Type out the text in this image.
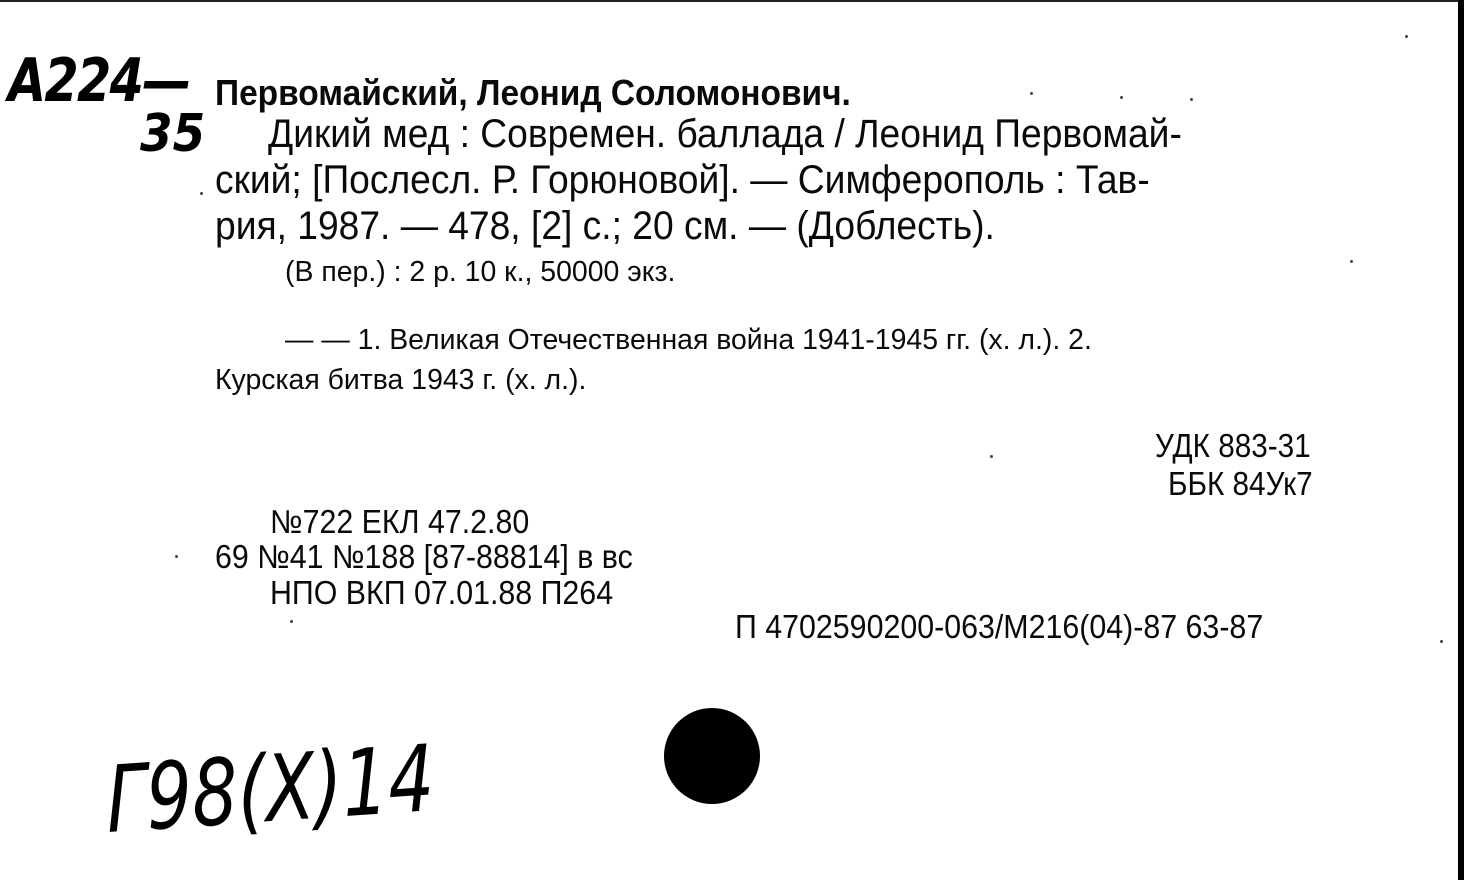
А224—
35
Первомайский, Леонид Соломонович.
Дикий мед : Современ. баллада / Леонид Первомай-
ский; [Послесл. Р. Горюновой]. — Симферополь : Тав-
рия, 1987. — 478, [2] с.; 20 см. — (Доблесть).
(В пер.) : 2 р. 10 к., 50000 экз.
— — 1. Великая Отечественная война 1941-1945 гг. (х. л.). 2.
Курская битва 1943 г. (х. л.).
УДК 883-31
ББК 84Ук7
№722 ЕКЛ 47.2.80
69 №41 №188 [87-88814] в вс
НПО ВКП 07.01.88 П264
П 4702590200-063/М216(04)-87 63-87
Г98(Х)14
